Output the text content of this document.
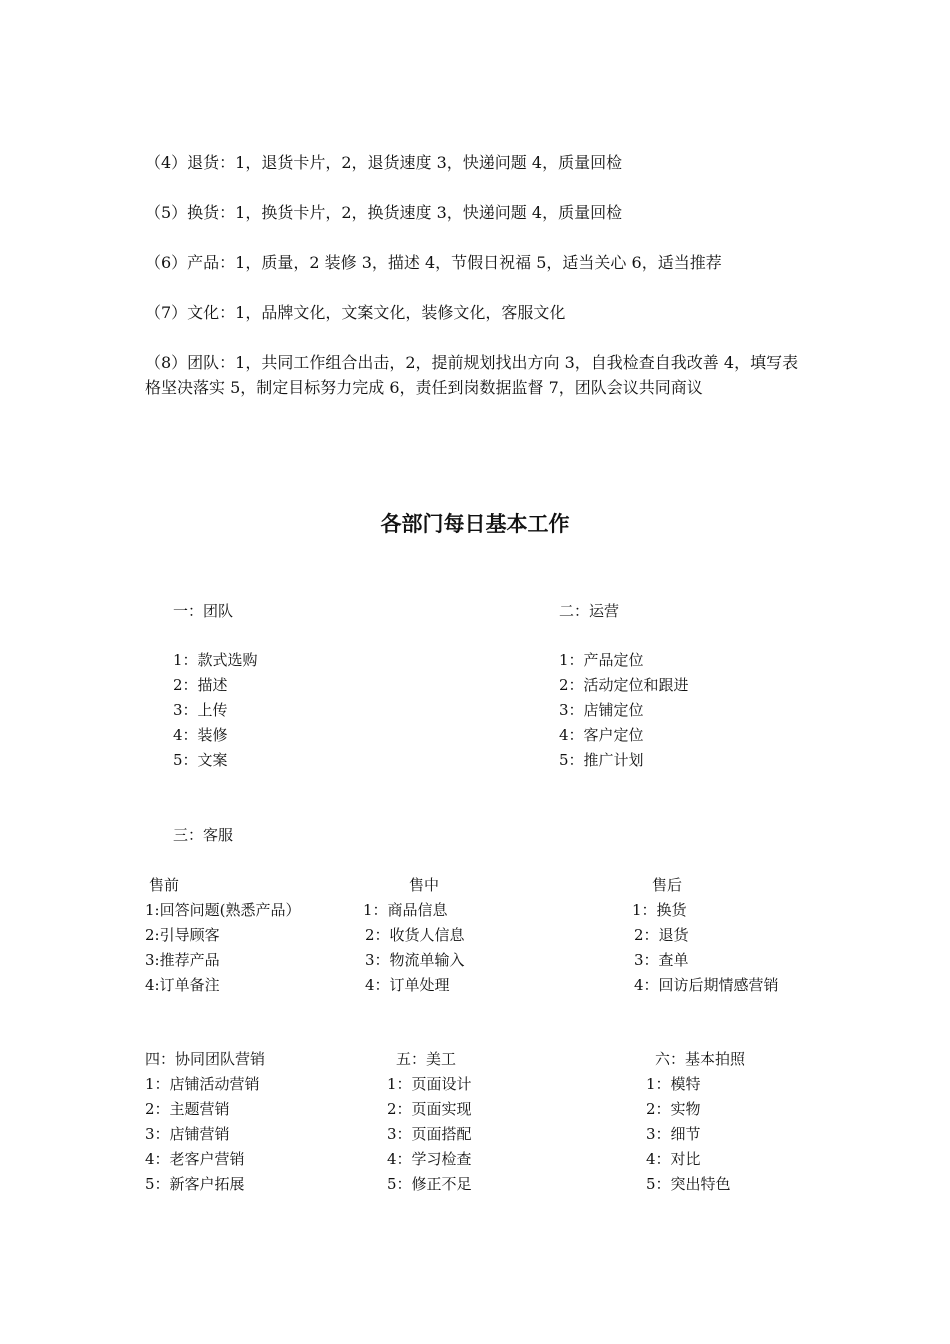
（4）退货：1，退货卡片，2，退货速度 3，快递问题 4，质量回检

（5）换货：1，换货卡片，2，换货速度 3，快递问题 4，质量回检

（6）产品：1，质量，2 装修 3，描述 4，节假日祝福 5，适当关心 6，适当推荐

（7）文化：1，品牌文化，文案文化，装修文化，客服文化

（8）团队：1，共同工作组合出击，2，提前规划找出方向 3，自我检查自我改善 4，填写表格坚决落实 5，制定目标努力完成 6，责任到岗数据监督 7，团队会议共同商议

各部门每日基本工作
一：团队
1：款式选购
2：描述
3：上传
4：装修
5：文案
二：运营
1：产品定位
2：活动定位和跟进
3：店铺定位
4：客户定位
5：推广计划
三：客服
售前
1:回答问题(熟悉产品）
2:引导顾客
3:推荐产品
4:订单备注
售中
1：商品信息
2：收货人信息
3：物流单输入
4：订单处理
售后
1：换货
2：退货
3：查单
4：回访后期情感营销
四：协同团队营销
1：店铺活动营销
2：主题营销
3：店铺营销
4：老客户营销
5：新客户拓展
五：美工
1：页面设计
2：页面实现
3：页面搭配
4：学习检查
5：修正不足
六：基本拍照
1：模特
2：实物
3：细节
4：对比
5：突出特色
